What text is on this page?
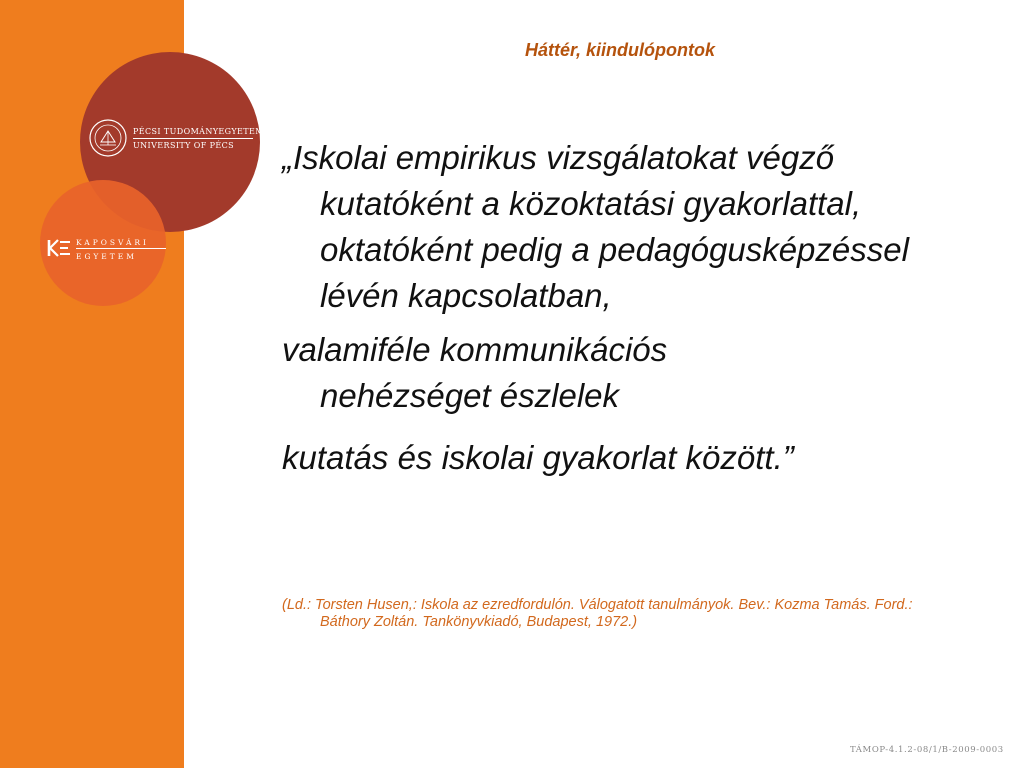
PÉCSI TUDOMÁNYEGYETEM
UNIVERSITY OF PÉCS
KAPOSVÁRI
EGYETEM
Háttér, kiindulópontok

„Iskolai empirikus vizsgálatokat végző kutatóként a közoktatási gyakorlattal, oktatóként pedig a pedagógusképzéssel lévén kapcsolatban,

valamiféle kommunikációs nehézséget észlelek

kutatás és iskolai gyakorlat között.”

(Ld.: Torsten Husen,: Iskola az ezredfordulón. Válogatott tanulmányok. Bev.: Kozma Tamás. Ford.: Báthory Zoltán. Tankönyvkiadó, Budapest, 1972.)
TÁMOP-4.1.2-08/1/B-2009-0003
